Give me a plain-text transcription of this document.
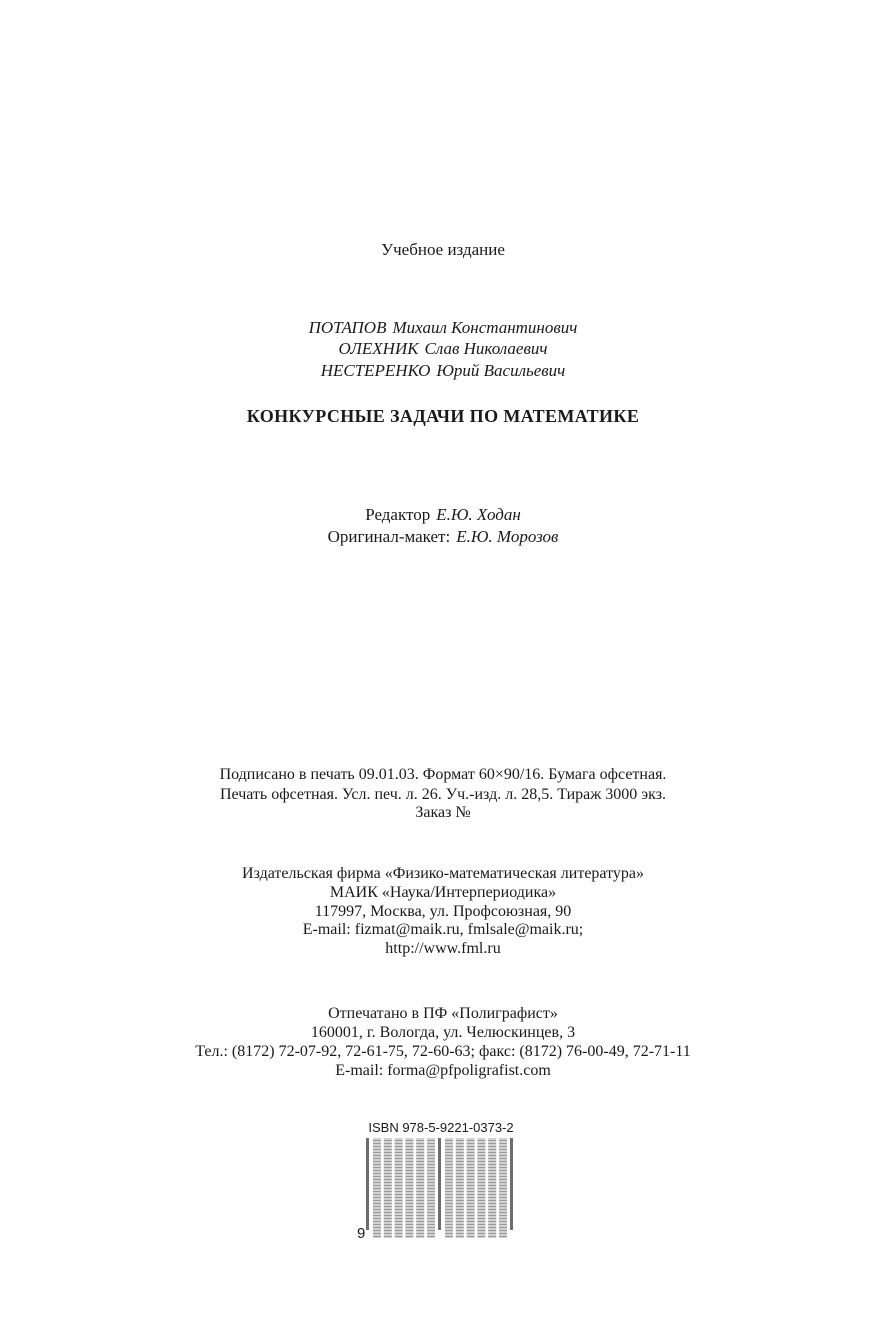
Учебное издание
ПОТАПОВ Михаил Константинович
ОЛЕХНИК Слав Николаевич
НЕСТЕРЕНКО Юрий Васильевич
КОНКУРСНЫЕ ЗАДАЧИ ПО МАТЕМАТИКЕ
Редактор Е.Ю. Ходан
Оригинал-макет: Е.Ю. Морозов
Подписано в печать 09.01.03. Формат 60×90/16. Бумага офсетная.
Печать офсетная. Усл. печ. л. 26. Уч.-изд. л. 28,5. Тираж 3000 экз.
Заказ №
Издательская фирма «Физико-математическая литература»
МАИК «Наука/Интерпериодика»
117997, Москва, ул. Профсоюзная, 90
E-mail: fizmat@maik.ru, fmlsale@maik.ru;
http://www.fml.ru
Отпечатано в ПФ «Полиграфист»
160001, г. Вологда, ул. Челюскинцев, 3
Тел.: (8172) 72-07-92, 72-61-75, 72-60-63; факс: (8172) 76-00-49, 72-71-11
E-mail: forma@pfpoligrafist.com
ISBN 978-5-9221-0373-2
9
